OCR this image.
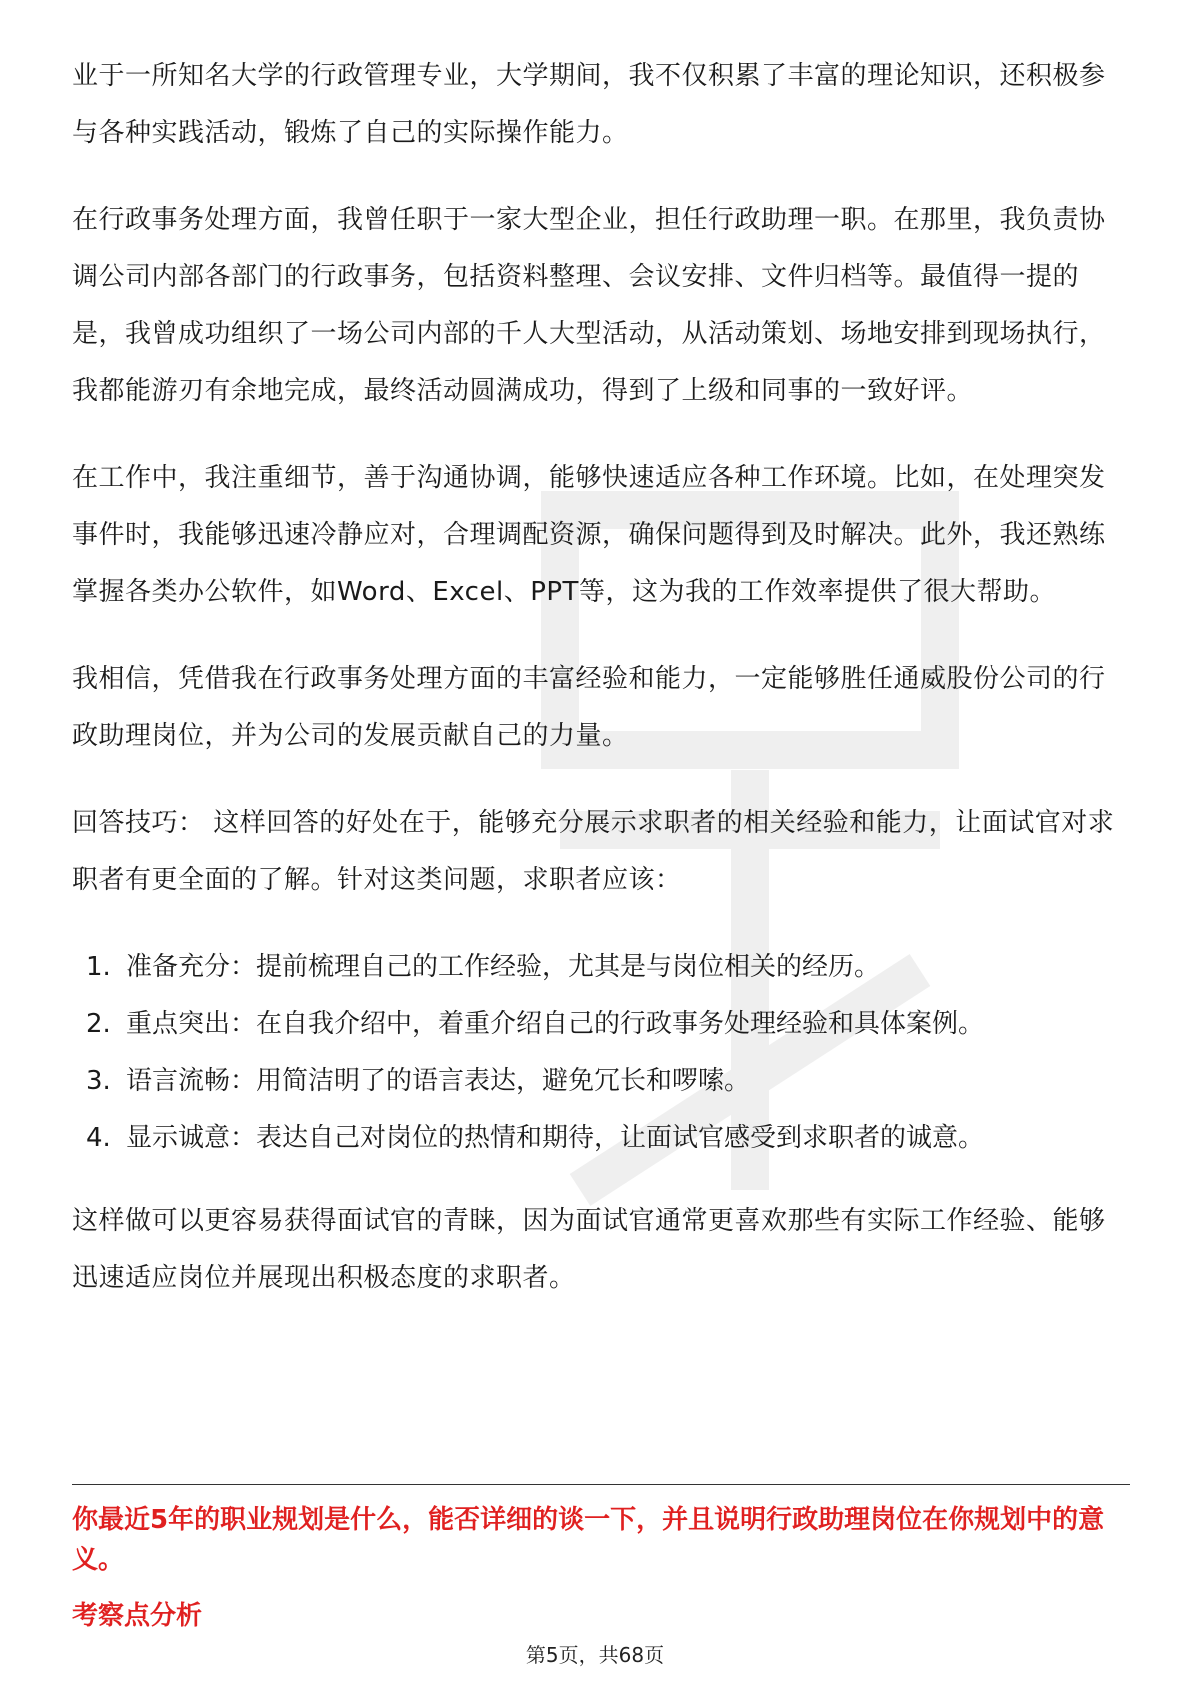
业于一所知名大学的行政管理专业，大学期间，我不仅积累了丰富的理论知识，还积极参与各种实践活动，锻炼了自己的实际操作能力。

在行政事务处理方面，我曾任职于一家大型企业，担任行政助理一职。在那里，我负责协调公司内部各部门的行政事务，包括资料整理、会议安排、文件归档等。最值得一提的是，我曾成功组织了一场公司内部的千人大型活动，从活动策划、场地安排到现场执行，我都能游刃有余地完成，最终活动圆满成功，得到了上级和同事的一致好评。

在工作中，我注重细节，善于沟通协调，能够快速适应各种工作环境。比如，在处理突发事件时，我能够迅速冷静应对，合理调配资源，确保问题得到及时解决。此外，我还熟练掌握各类办公软件，如Word、Excel、PPT等，这为我的工作效率提供了很大帮助。

我相信，凭借我在行政事务处理方面的丰富经验和能力，一定能够胜任通威股份公司的行政助理岗位，并为公司的发展贡献自己的力量。

回答技巧： 这样回答的好处在于，能够充分展示求职者的相关经验和能力，让面试官对求职者有更全面的了解。针对这类问题，求职者应该：

1. 准备充分：提前梳理自己的工作经验，尤其是与岗位相关的经历。
2. 重点突出：在自我介绍中，着重介绍自己的行政事务处理经验和具体案例。
3. 语言流畅：用简洁明了的语言表达，避免冗长和啰嗦。
4. 显示诚意：表达自己对岗位的热情和期待，让面试官感受到求职者的诚意。

这样做可以更容易获得面试官的青睐，因为面试官通常更喜欢那些有实际工作经验、能够迅速适应岗位并展现出积极态度的求职者。

你最近5年的职业规划是什么，能否详细的谈一下，并且说明行政助理岗位在你规划中的意义。
考察点分析
第5页，共68页
